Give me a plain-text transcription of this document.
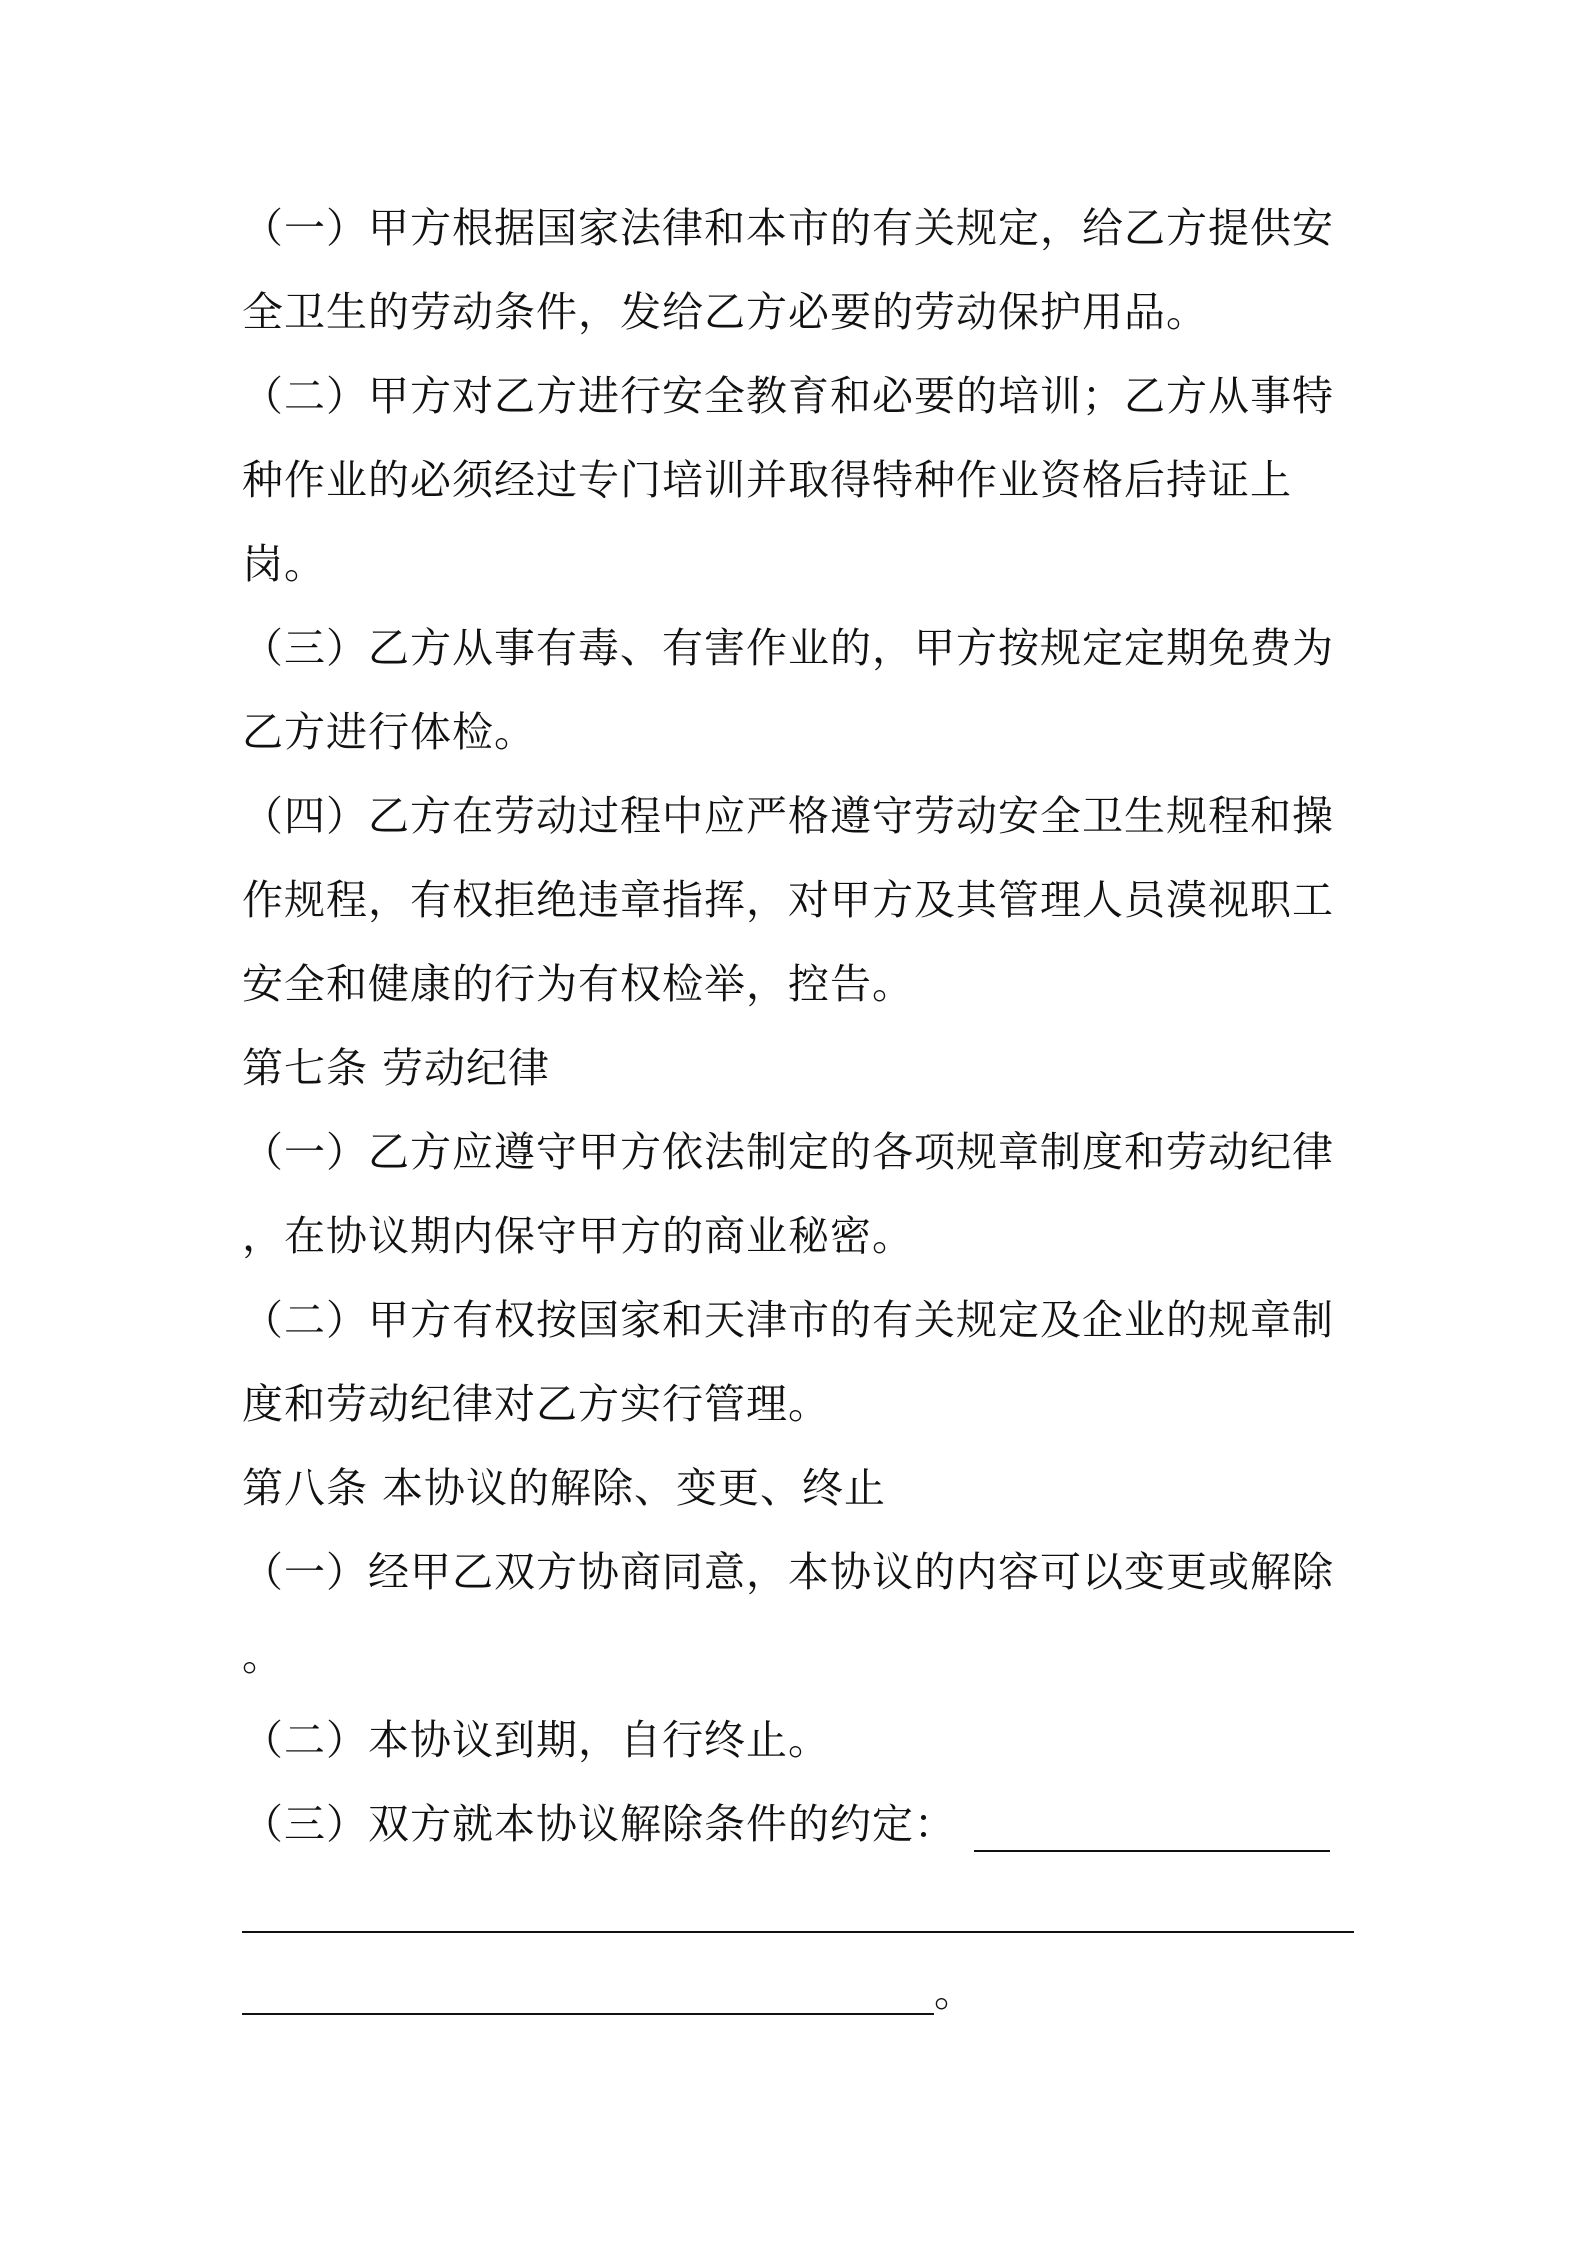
（一）甲方根据国家法律和本市的有关规定，给乙方提供安
全卫生的劳动条件，发给乙方必要的劳动保护用品。
（二）甲方对乙方进行安全教育和必要的培训；乙方从事特
种作业的必须经过专门培训并取得特种作业资格后持证上
岗。
（三）乙方从事有毒、有害作业的，甲方按规定定期免费为
乙方进行体检。
（四）乙方在劳动过程中应严格遵守劳动安全卫生规程和操
作规程，有权拒绝违章指挥，对甲方及其管理人员漠视职工
安全和健康的行为有权检举，控告。
第七条 劳动纪律
（一）乙方应遵守甲方依法制定的各项规章制度和劳动纪律
，在协议期内保守甲方的商业秘密。
（二）甲方有权按国家和天津市的有关规定及企业的规章制
度和劳动纪律对乙方实行管理。
第八条 本协议的解除、变更、终止
（一）经甲乙双方协商同意，本协议的内容可以变更或解除
。
（二）本协议到期，自行终止。
（三）双方就本协议解除条件的约定：
。
